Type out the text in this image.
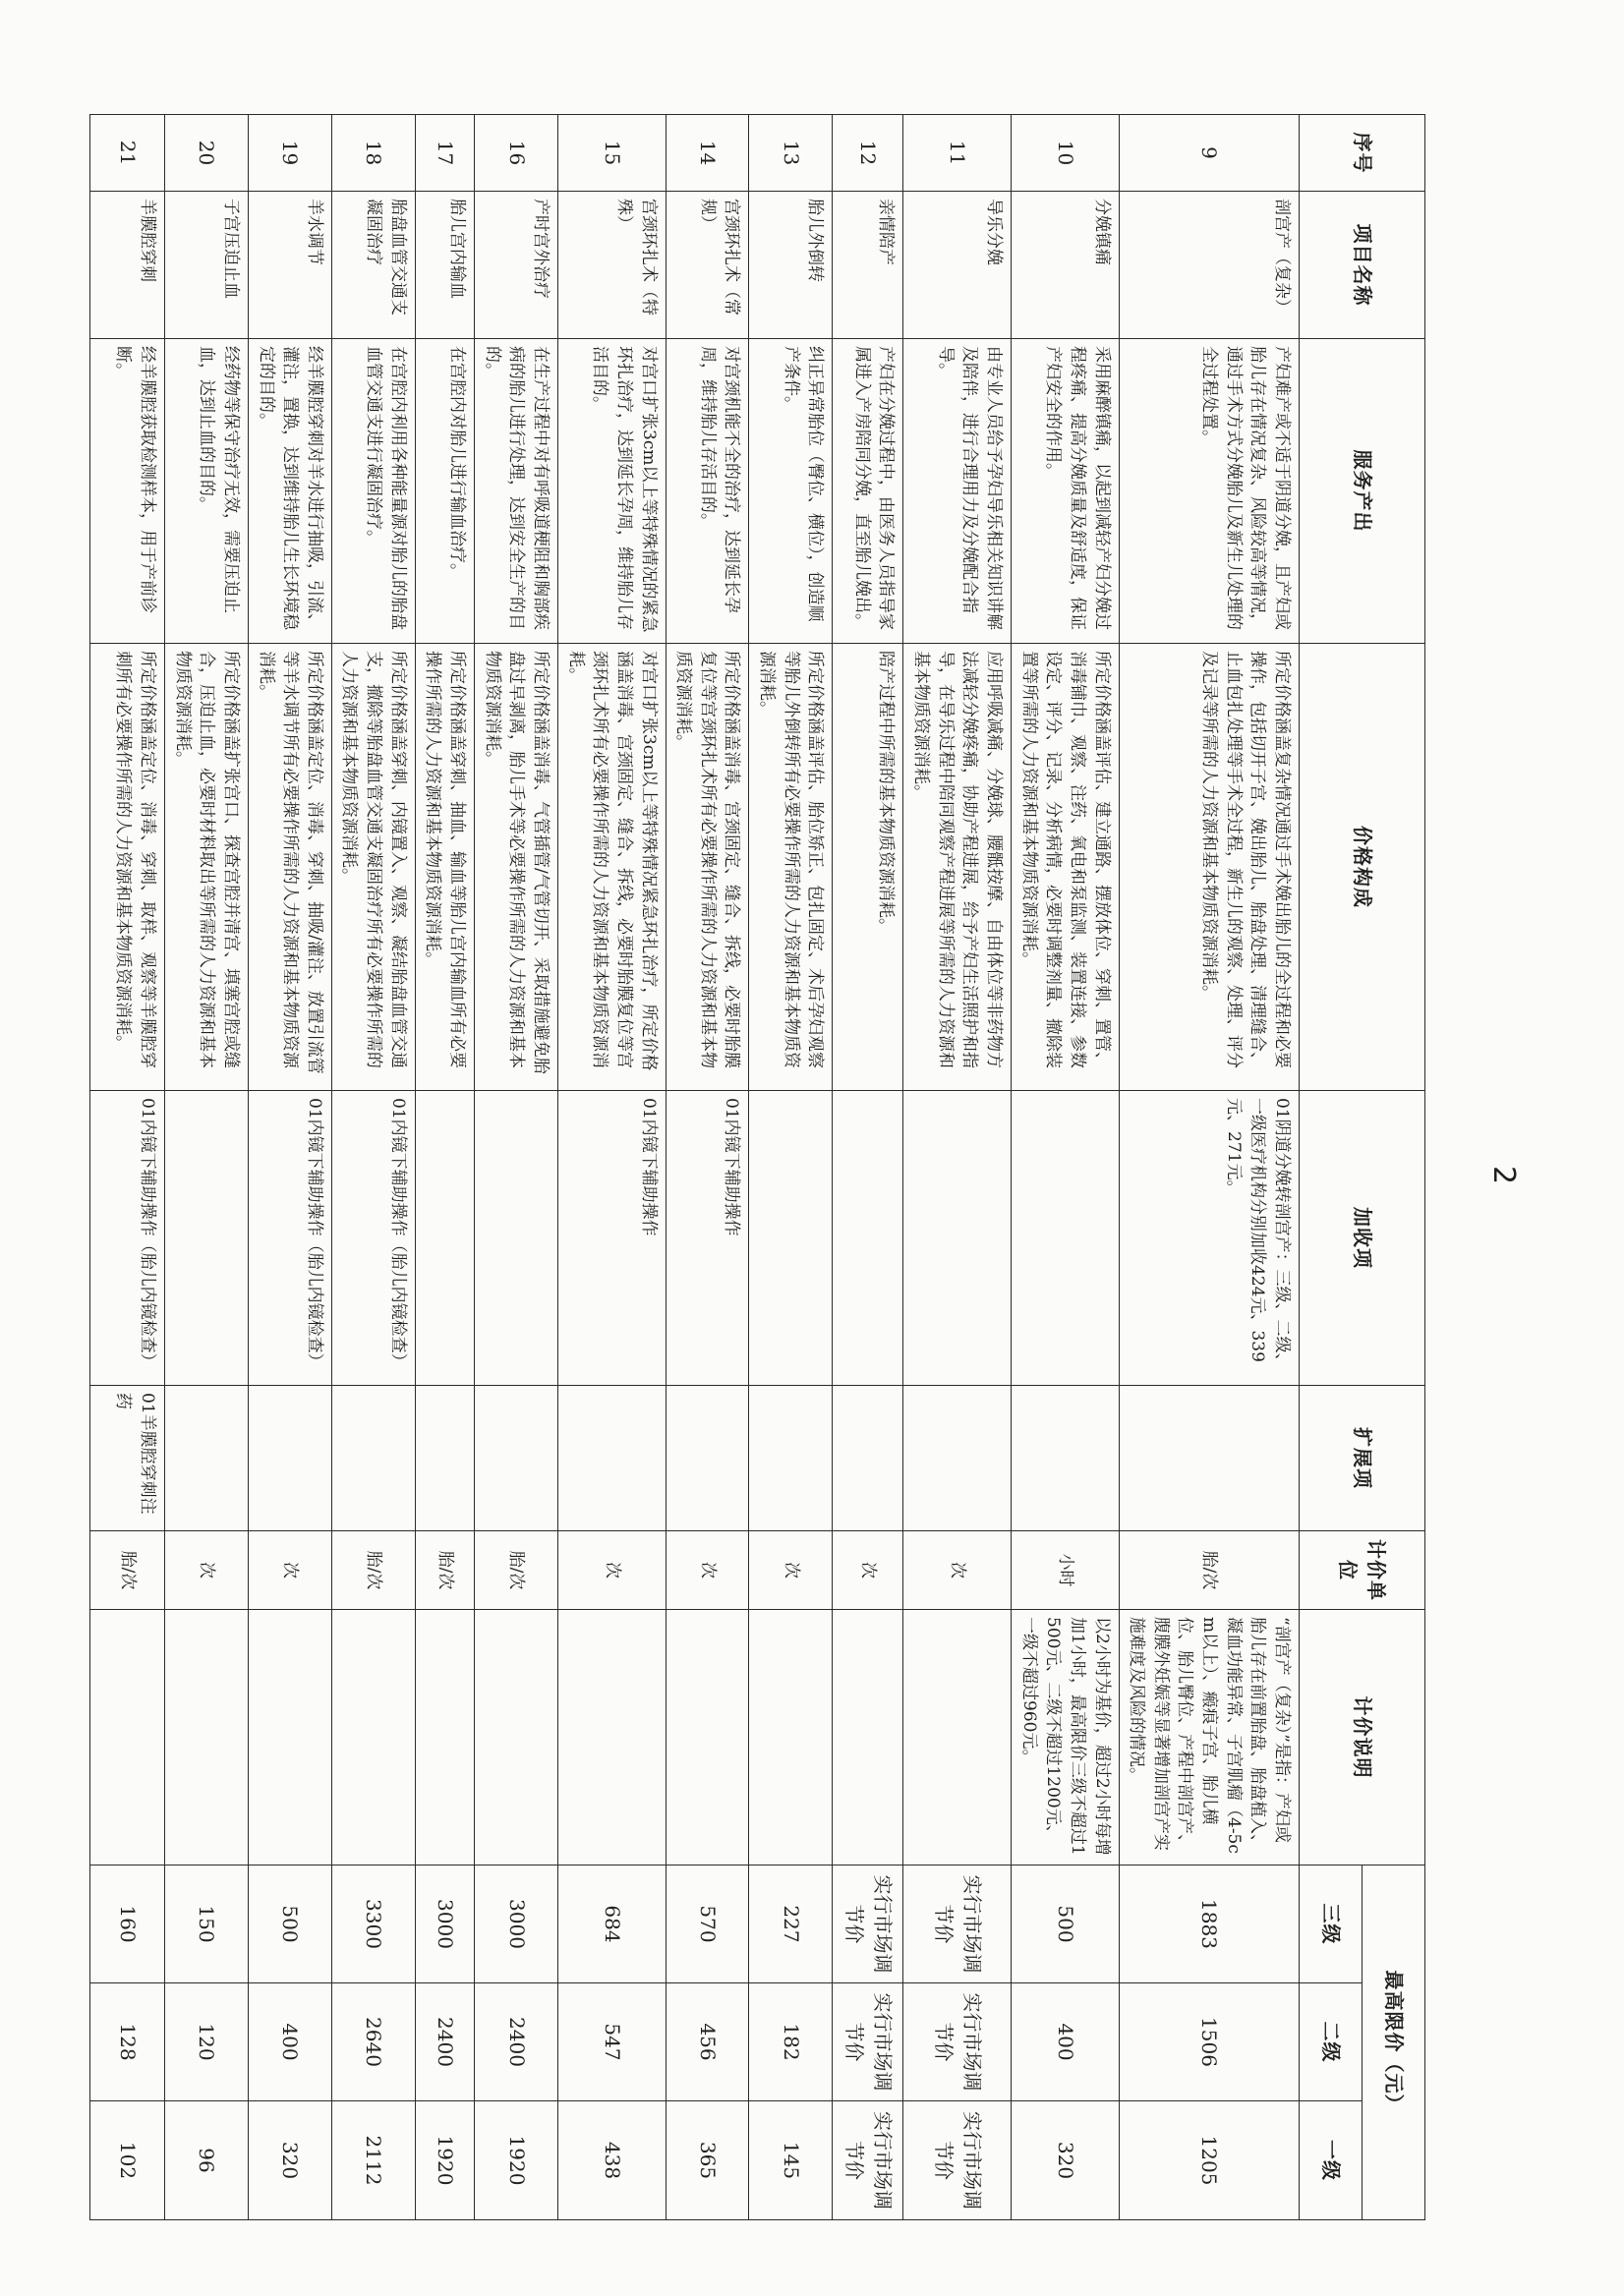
序号	项目名称	服务产出	价格构成	加收项	扩展项	计价单位	计价说明	最高限价（元）		
								三级	二级	一级
9	剖宫产（复杂）	产妇难产或不适于阴道分娩，且产妇或胎儿存在情况复杂、风险较高等情况，通过手术方式分娩胎儿及新生儿处理的全过程处置。	所定价格涵盖复杂情况通过手术娩出胎儿的全过程和必要操作，包括切开子宫、娩出胎儿、胎盘处理、清理缝合、止血包扎处理等手术全过程，新生儿的观察、处理、评分及记录等所需的人力资源和基本物质资源消耗。	01阴道分娩转剖宫产：三级、二级、一级医疗机构分别加收424元、339元、271元。		胎/次	“剖宫产（复杂）”是指：产妇或胎儿存在前置胎盘、胎盘植入、凝血功能异常、子宫肌瘤（4-5cm以上）、瘢痕子宫、胎儿横位、胎儿臀位、产程中剖宫产、腹膜外妊娠等显著增加剖宫产实施难度及风险的情况。	1883	1506	1205
10	分娩镇痛	采用麻醉镇痛，以起到减轻产妇分娩过程疼痛、提高分娩质量及舒适度，保证产妇安全的作用。	所定价格涵盖评估、建立通路、摆放体位、穿刺、置管、消毒铺巾、观察、注药、氧电和泵监测、装置连接、参数设定、评分、记录、分析病情，必要时调整剂量、撤除装置等所需的人力资源和基本物质资源消耗。			小时	以2小时为基价，超过2小时每增加1小时，最高限价三级不超过1500元、二级不超过1200元、一级不超过960元。	500	400	320
11	导乐分娩	由专业人员给予孕妇导乐相关知识讲解及陪伴，进行合理用力及分娩配合指导。	应用呼吸减痛、分娩球、腰骶按摩、自由体位等非药物方法减轻分娩疼痛，协助产程进展，给予产妇生活照护和指导，在导乐过程中陪同观察产程进展等所需的人力资源和基本物质资源消耗。			次		实行市场调节价	实行市场调节价	实行市场调节价
12	亲情陪产	产妇在分娩过程中，由医务人员指导家属进入产房陪同分娩，直至胎儿娩出。	陪产过程中所需的基本物质资源消耗。			次		实行市场调节价	实行市场调节价	实行市场调节价
13	胎儿外倒转	纠正异常胎位（臀位、横位），创造顺产条件。	所定价格涵盖评估、胎位矫正、包扎固定、术后孕妇观察等胎儿外倒转所有必要操作所需的人力资源和基本物质资源消耗。			次		227	182	145
14	宫颈环扎术（常规）	对宫颈机能不全的治疗，达到延长孕周，维持胎儿存活目的。	所定价格涵盖消毒、宫颈固定、缝合、拆线，必要时胎膜复位等宫颈环扎术所有必要操作所需的人力资源和基本物质资源消耗。	01内镜下辅助操作		次		570	456	365
15	宫颈环扎术（特殊）	对宫口扩张3cm以上等特殊情况的紧急环扎治疗，达到延长孕周，维持胎儿存活目的。	对宫口扩张3cm以上等特殊情况紧急环扎治疗，所定价格涵盖消毒、宫颈固定、缝合、拆线，必要时胎膜复位等宫颈环扎术所有必要操作所需的人力资源和基本物质资源消耗。	01内镜下辅助操作		次		684	547	438
16	产时宫外治疗	在生产过程中对有呼吸道梗阻和胸部疾病的胎儿进行处理，达到安全生产的目的。	所定价格涵盖消毒、气管插管/气管切开、采取措施避免胎盘过早剥离，胎儿手术等必要操作所需的人力资源和基本物质资源消耗。			胎/次		3000	2400	1920
17	胎儿宫内输血	在宫腔内对胎儿进行输血治疗。	所定价格涵盖穿刺、抽血、输血等胎儿宫内输血所有必要操作所需的人力资源和基本物质资源消耗。			胎/次		3000	2400	1920
18	胎盘血管交通支凝固治疗	在宫腔内利用各种能量源对胎儿的胎盘血管交通支进行凝固治疗。	所定价格涵盖穿刺、内镜置入、观察、凝结胎盘血管交通支，撤除等胎盘血管交通支凝固治疗所有必要操作所需的人力资源和基本物质资源消耗。	01内镜下辅助操作（胎儿内镜检查）		胎/次		3300	2640	2112
19	羊水调节	经羊膜腔穿刺对羊水进行抽吸，引流、灌注，置换，达到维持胎儿生长环境稳定的目的。	所定价格涵盖定位、消毒、穿刺、抽吸/灌注、放置引流管等羊水调节所有必要操作所需的人力资源和基本物质资源消耗。	01内镜下辅助操作（胎儿内镜检查）		次		500	400	320
20	子宫压迫止血	经药物等保守治疗无效，需要压迫止血，达到止血的目的。	所定价格涵盖扩张宫口、探查宫腔并清宫、填塞宫腔或缝合，压迫止血，必要时材料取出等所需的人力资源和基本物质资源消耗。			次		150	120	96
21	羊膜腔穿刺	经羊膜腔获取检测样本，用于产前诊断。	所定价格涵盖定位、消毒、穿刺、取样、观察等羊膜腔穿刺所有必要操作所需的人力资源和基本物质资源消耗。	01内镜下辅助操作（胎儿内镜检查）	01羊膜腔穿刺注药	胎/次		160	128	102
2
